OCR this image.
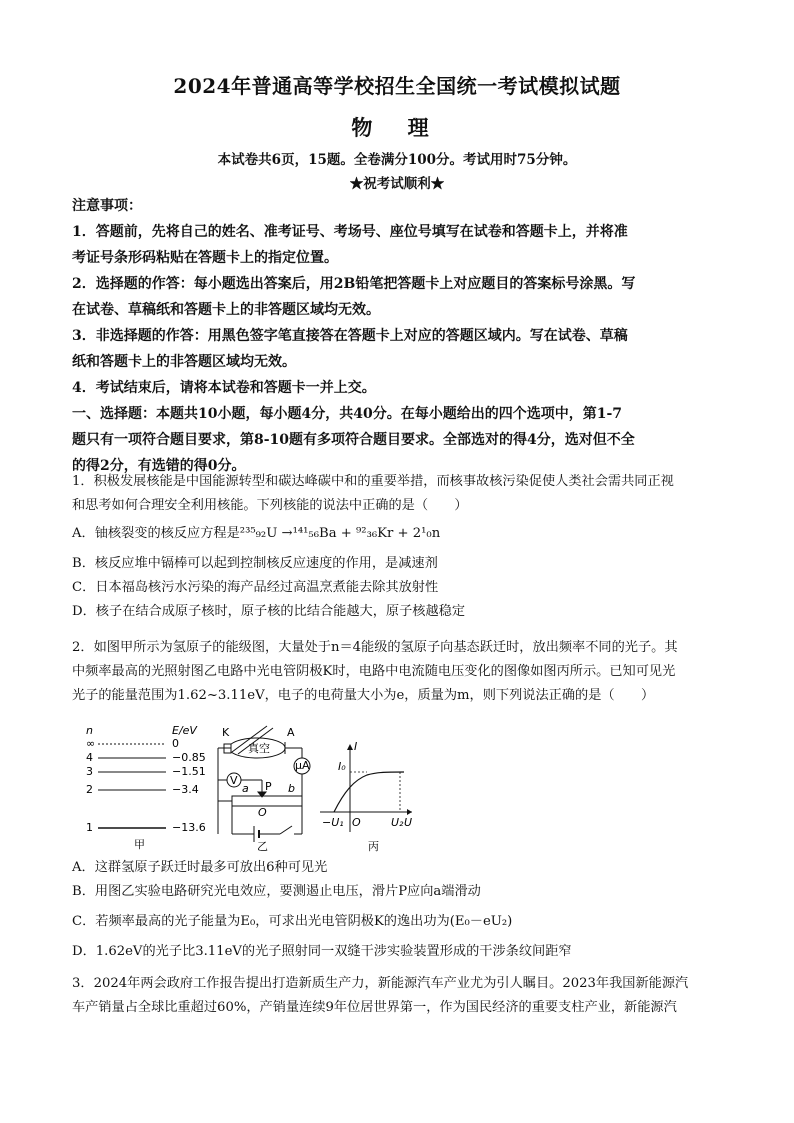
2024年普通高等学校招生全国统一考试模拟试题
物 理
本试卷共6页，15题。全卷满分100分。考试用时75分钟。
★祝考试顺利★
注意事项：
1．答题前，先将自己的姓名、准考证号、考场号、座位号填写在试卷和答题卡上，并将准
考证号条形码粘贴在答题卡上的指定位置。
2．选择题的作答：每小题选出答案后，用2B铅笔把答题卡上对应题目的答案标号涂黑。写
在试卷、草稿纸和答题卡上的非答题区域均无效。
3．非选择题的作答：用黑色签字笔直接答在答题卡上对应的答题区域内。写在试卷、草稿
纸和答题卡上的非答题区域均无效。
4．考试结束后，请将本试卷和答题卡一并上交。
一、选择题：本题共10小题，每小题4分，共40分。在每小题给出的四个选项中，第1-7
题只有一项符合题目要求，第8-10题有多项符合题目要求。全部选对的得4分，选对但不全
的得2分，有选错的得0分。
1．积极发展核能是中国能源转型和碳达峰碳中和的重要举措，而核事故核污染促使人类社会需共同正视
和思考如何合理安全利用核能。下列核能的说法中正确的是（　　）
A．铀核裂变的核反应方程是²³⁵₉₂U →¹⁴¹₅₆Ba + ⁹²₃₆Kr + 2¹₀n
B．核反应堆中镉棒可以起到控制核反应速度的作用，是减速剂
C．日本福岛核污水污染的海产品经过高温烹煮能去除其放射性
D．核子在结合成原子核时，原子核的比结合能越大，原子核越稳定
2．如图甲所示为氢原子的能级图，大量处于n＝4能级的氢原子向基态跃迁时，放出频率不同的光子。其
中频率最高的光照射图乙电路中光电管阴极K时，电路中电流随电压变化的图像如图丙所示。已知可见光
光子的能量范围为1.62~3.11eV，电子的电荷量大小为e，质量为m，则下列说法正确的是（　　）
n	E/eV
∞	0
4	−0.85
3	−1.51
2	−3.4
1	−13.6
甲
K	A
真空
V
μA
a P b
O
乙
I
I₀
−U₁ O	U₂ U
丙
A．这群氢原子跃迁时最多可放出6种可见光
B．用图乙实验电路研究光电效应，要测遏止电压，滑片P应向a端滑动
C．若频率最高的光子能量为E₀，可求出光电管阴极K的逸出功为(E₀－eU₂)
D．1.62eV的光子比3.11eV的光子照射同一双缝干涉实验装置形成的干涉条纹间距窄
3．2024年两会政府工作报告提出打造新质生产力，新能源汽车产业尤为引人瞩目。2023年我国新能源汽
车产销量占全球比重超过60%，产销量连续9年位居世界第一，作为国民经济的重要支柱产业，新能源汽
